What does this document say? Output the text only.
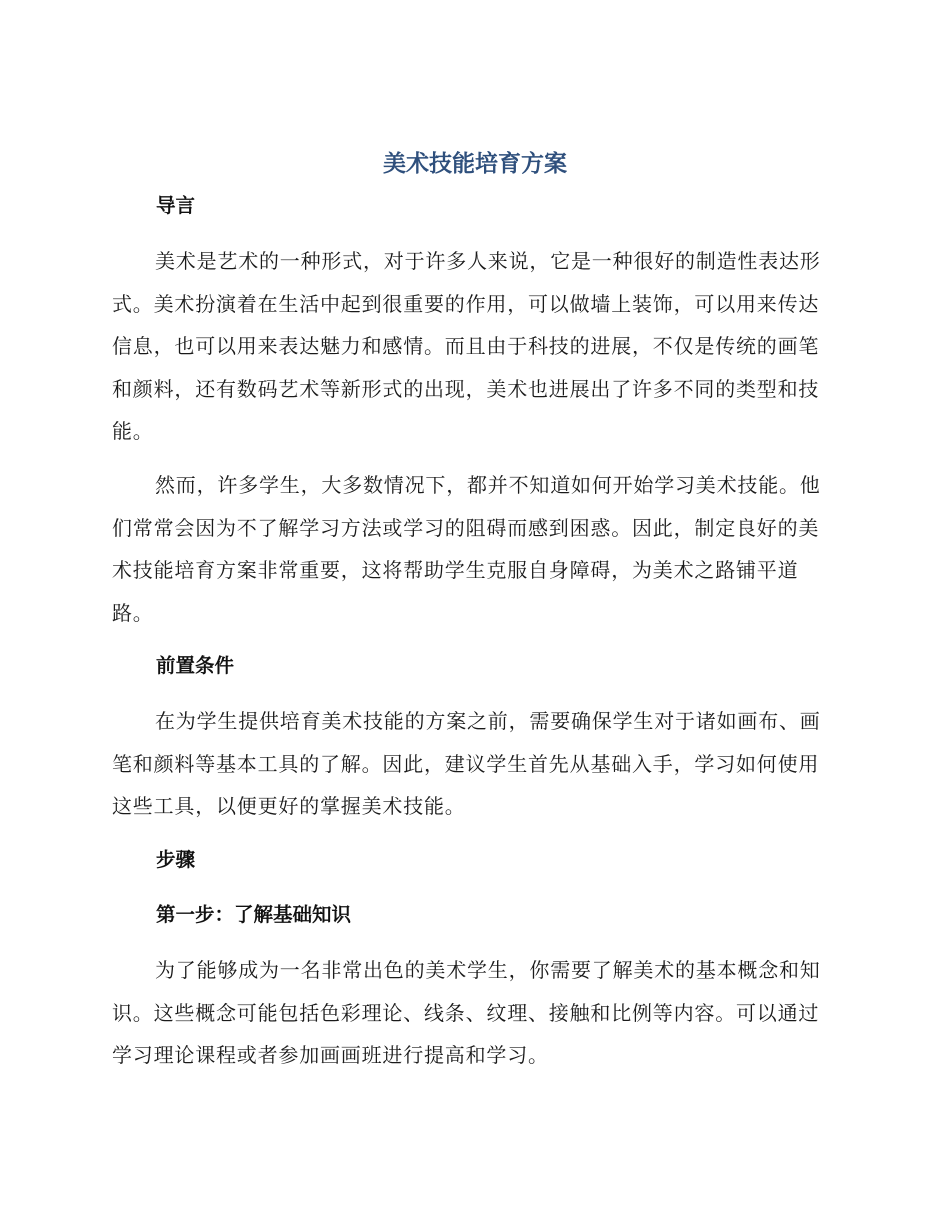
美术技能培育方案
导言

美术是艺术的一种形式，对于许多人来说，它是一种很好的制造性表达形式。美术扮演着在生活中起到很重要的作用，可以做墙上装饰，可以用来传达信息，也可以用来表达魅力和感情。而且由于科技的进展，不仅是传统的画笔和颜料，还有数码艺术等新形式的出现，美术也进展出了许多不同的类型和技能。

然而，许多学生，大多数情况下，都并不知道如何开始学习美术技能。他们常常会因为不了解学习方法或学习的阻碍而感到困惑。因此，制定良好的美术技能培育方案非常重要，这将帮助学生克服自身障碍，为美术之路铺平道路。

前置条件

在为学生提供培育美术技能的方案之前，需要确保学生对于诸如画布、画笔和颜料等基本工具的了解。因此，建议学生首先从基础入手，学习如何使用这些工具，以便更好的掌握美术技能。

步骤
第一步：了解基础知识

为了能够成为一名非常出色的美术学生，你需要了解美术的基本概念和知识。这些概念可能包括色彩理论、线条、纹理、接触和比例等内容。可以通过学习理论课程或者参加画画班进行提高和学习。
